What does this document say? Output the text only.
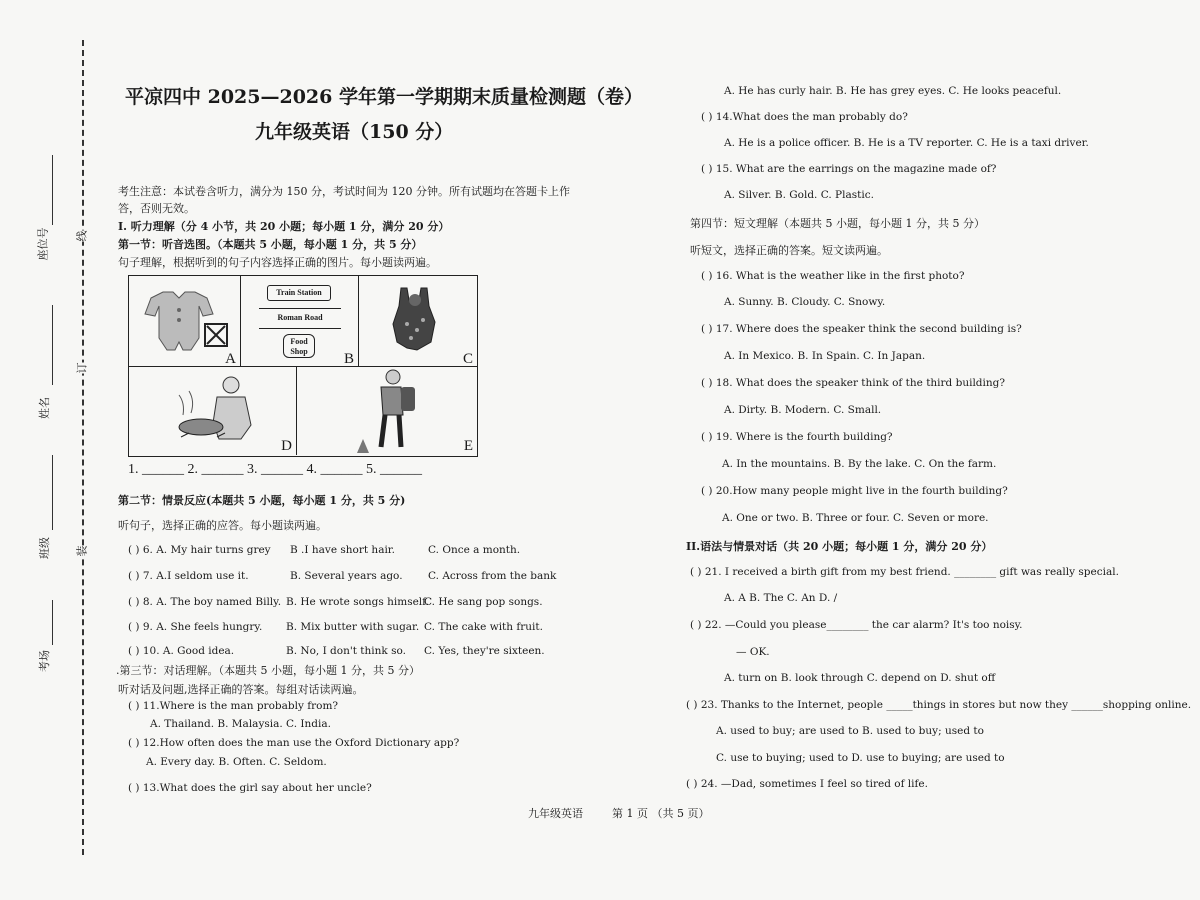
座位号
姓名
班级
考场
线
订
装
平凉四中 2025—2026 学年第一学期期末质量检测题（卷）
九年级英语（150 分）
考生注意：本试卷含听力，满分为 150 分，考试时间为 120 分钟。所有试题均在答题卡上作
答，否则无效。
I. 听力理解（分 4 小节，共 20 小题；每小题 1 分，满分 20 分）
第一节：听音选图。（本题共 5 小题，每小题 1 分，共 5 分）
句子理解，根据听到的句子内容选择正确的图片。每小题读两遍。
A
Train Station
Roman Road
Food Shop	B	C
D	E
1. ______ 2. ______ 3. ______ 4. ______ 5. ______
第二节：情景反应(本题共 5 小题，每小题 1 分，共 5 分)
听句子，选择正确的应答。每小题读两遍。
( ) 6. A. My hair turns grey B .I have short hair.	C. Once a month.
( ) 7. A.I seldom use it.	B. Several years ago. C. Across from the bank
( ) 8. A. The boy named Billy. B. He wrote songs himself.
C. He sang pop songs.
( ) 9. A. She feels hungry. B. Mix butter with sugar. C. The cake with fruit.
( ) 10. A. Good idea.	B. No, I don't think so. C. Yes, they're sixteen.
.第三节：对话理解。（本题共 5 小题，每小题 1 分，共 5 分）
听对话及问题,选择正确的答案。每组对话读两遍。
( ) 11.Where is the man probably from?
A. Thailand. B. Malaysia. C. India.
( ) 12.How often does the man use the Oxford Dictionary app?
A. Every day. B. Often. C. Seldom.
( ) 13.What does the girl say about her uncle?
A. He has curly hair. B. He has grey eyes. C. He looks peaceful.
( ) 14.What does the man probably do?
A. He is a police officer. B. He is a TV reporter. C. He is a taxi driver.
( ) 15. What are the earrings on the magazine made of?
A. Silver. B. Gold. C. Plastic.
第四节：短文理解（本题共 5 小题，每小题 1 分，共 5 分）
听短文，选择正确的答案。短文读两遍。
( ) 16. What is the weather like in the first photo?
A. Sunny. B. Cloudy. C. Snowy.
( ) 17. Where does the speaker think the second building is?
A. In Mexico. B. In Spain. C. In Japan.
( ) 18. What does the speaker think of the third building?
A. Dirty. B. Modern. C. Small.
( ) 19. Where is the fourth building?
A. In the mountains. B. By the lake. C. On the farm.
( ) 20.How many people might live in the fourth building?
A. One or two. B. Three or four. C. Seven or more.
II.语法与情景对话（共 20 小题；每小题 1 分，满分 20 分）
( ) 21. I received a birth gift from my best friend. ________ gift was really special.
A. A B. The C. An D. /
( ) 22. —Could you please________ the car alarm? It's too noisy.
— OK.
A. turn on B. look through C. depend on D. shut off
( ) 23. Thanks to the Internet, people _____things in stores but now they ______shopping online.
A. used to buy; are used to B. used to buy; used to
C. use to buying; used to D. use to buying; are used to
( ) 24. —Dad, sometimes I feel so tired of life.
九年级英语	第 1 页 （共 5 页）
